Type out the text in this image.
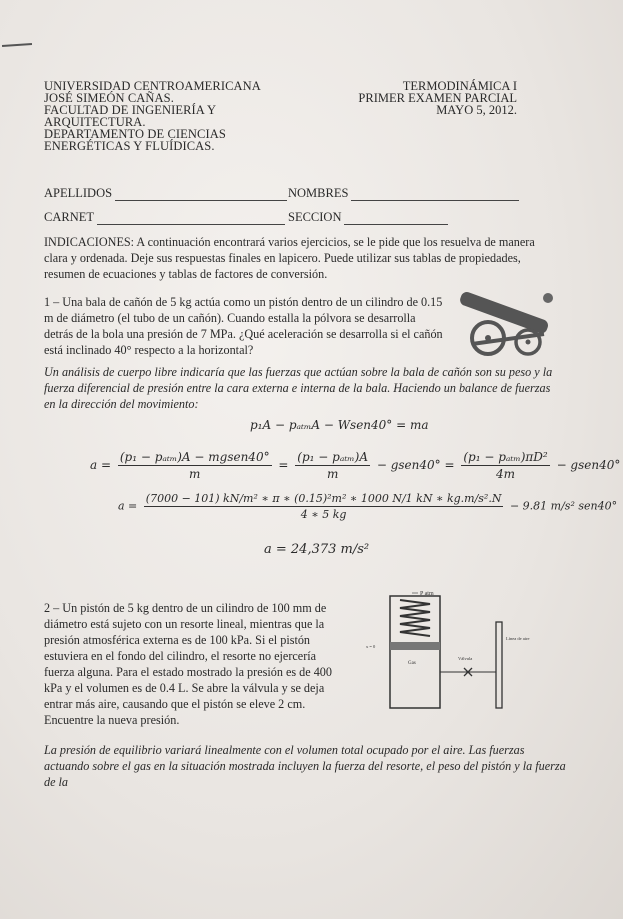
UNIVERSIDAD CENTROAMERICANA
JOSÉ SIMEÓN CAÑAS.
FACULTAD DE INGENIERÍA Y
ARQUITECTURA.
DEPARTAMENTO DE CIENCIAS
ENERGÉTICAS Y FLUÍDICAS.
TERMODINÁMICA I
PRIMER EXAMEN PARCIAL
MAYO 5, 2012.
APELLIDOS	NOMBRES
CARNET	SECCION
INDICACIONES: A continuación encontrará varios ejercicios, se le pide que los resuelva de manera clara y ordenada. Deje sus respuestas finales en lapicero. Puede utilizar sus tablas de propiedades, resumen de ecuaciones y tablas de factores de conversión.
1 – Una bala de cañón de 5 kg actúa como un pistón dentro de un cilindro de 0.15 m de diámetro (el tubo de un cañón). Cuando estalla la pólvora se desarrolla detrás de la bola una presión de 7 MPa. ¿Qué aceleración se desarrolla si el cañón está inclinado 40° respecto a la horizontal?
Un análisis de cuerpo libre indicaría que las fuerzas que actúan sobre la bala de cañón son su peso y la fuerza diferencial de presión entre la cara externa e interna de la bala. Haciendo un balance de fuerzas en la dirección del movimiento:
p₁A − pₐₜₘA − Wsen40° = ma
$a = \frac{\text{(p₁ − pₐₜₘ)A − mgsen40°}}{m} = \frac{\text{(p₁ − pₐₜₘ)A}}{m}$ − gsen40° = $\frac{\text{(p₁ − pₐₜₘ)πD²}}{4m}$ − gsen40°
$a = \frac{\text{(7000 − 101) kN/m² ∗ π ∗ (0.15)²m² ∗ 1000 N/1 kN ∗ kg.m/s².N}}{4 ∗ 5 kg} - 9.81$ m/s² sen40°
a = 24,373 m/s²
2 – Un pistón de 5 kg dentro de un cilindro de 100 mm de diámetro está sujeto con un resorte lineal, mientras que la presión atmosférica externa es de 100 kPa. Si el pistón estuviera en el fondo del cilindro, el resorte no ejercería fuerza alguna. Para el estado mostrado la presión es de 400 kPa y el volumen es de 0.4 L. Se abre la válvula y se deja entrar más aire, causando que el pistón se eleve 2 cm. Encuentre la nueva presión.
P atm
Gas
x = 0
Válvula
Línea de aire
La presión de equilibrio variará linealmente con el volumen total ocupado por el aire. Las fuerzas actuando sobre el gas en la situación mostrada incluyen la fuerza del resorte, el peso del pistón y la fuerza de la
